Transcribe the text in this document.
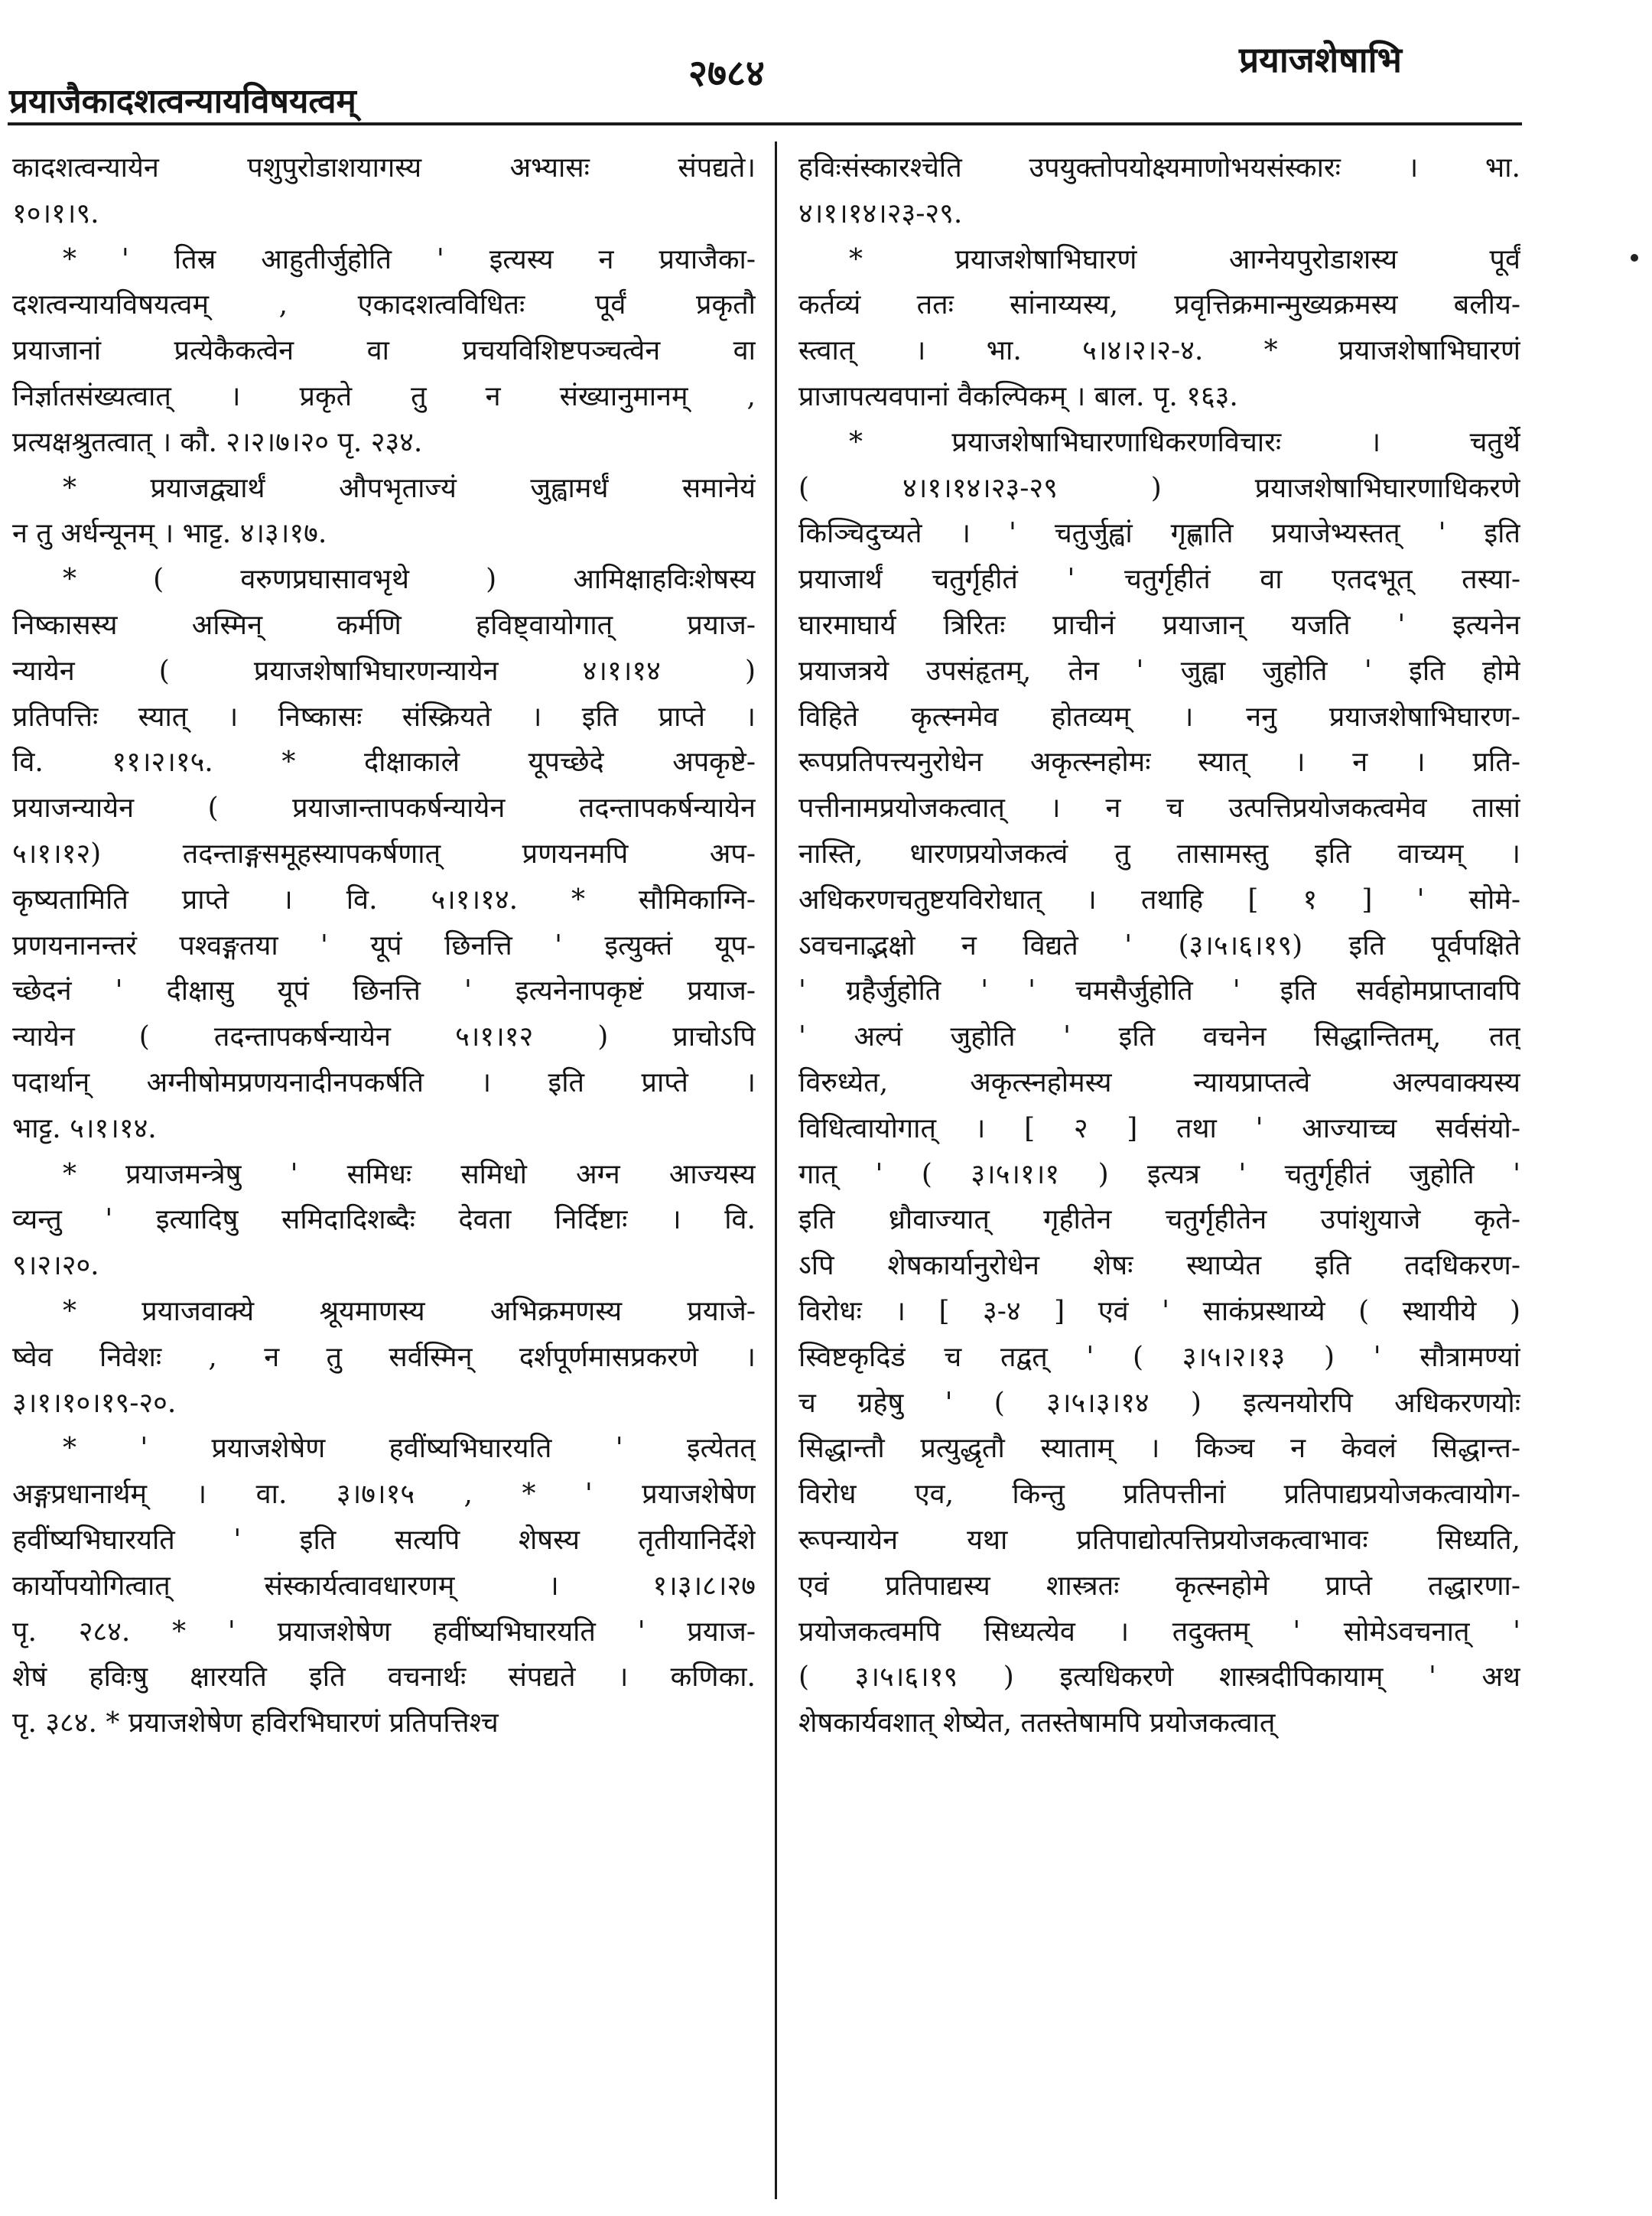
प्रयाजैकादशत्वन्यायविषयत्वम्
२७८४	प्रयाजशेषाभि
कादशत्वन्यायेन पशुपुरोडाशयागस्य अभ्यासः संपद्यते।
१०।१।९.
* ' तिस्र आहुतीर्जुहोति ' इत्यस्य न प्रयाजैका-
दशत्वन्यायविषयत्वम् , एकादशत्वविधितः पूर्वं प्रकृतौ
प्रयाजानां प्रत्येकैकत्वेन वा प्रचयविशिष्टपञ्चत्वेन वा
निर्ज्ञातसंख्यत्वात् । प्रकृते तु न संख्यानुमानम् ,
प्रत्यक्षश्रुतत्वात् । कौ. २।२।७।२० पृ. २३४.
* प्रयाजद्व्यार्थं औपभृताज्यं जुह्वामर्धं समानेयं
न तु अर्धन्यूनम् । भाट्ट. ४।३।१७.
* ( वरुणप्रघासावभृथे ) आमिक्षाहविःशेषस्य
निष्कासस्य अस्मिन् कर्मणि हविष्ट्वायोगात् प्रयाज-
न्यायेन ( प्रयाजशेषाभिघारणन्यायेन ४।१।१४ )
प्रतिपत्तिः स्यात् । निष्कासः संस्क्रियते । इति प्राप्ते ।
वि. ११।२।१५. * दीक्षाकाले यूपच्छेदे अपकृष्टे-
प्रयाजन्यायेन ( प्रयाजान्तापकर्षन्यायेन तदन्तापकर्षन्यायेन
५।१।१२) तदन्ताङ्गसमूहस्यापकर्षणात् प्रणयनमपि अप-
कृष्यतामिति प्राप्ते । वि. ५।१।१४. * सौमिकाग्नि-
प्रणयनानन्तरं पश्वङ्गतया ' यूपं छिनत्ति ' इत्युक्तं यूप-
च्छेदनं ' दीक्षासु यूपं छिनत्ति ' इत्यनेनापकृष्टं प्रयाज-
न्यायेन ( तदन्तापकर्षन्यायेन ५।१।१२ ) प्राचोऽपि
पदार्थान् अग्नीषोमप्रणयनादीनपकर्षति । इति प्राप्ते ।
भाट्ट. ५।१।१४.
* प्रयाजमन्त्रेषु ' समिधः समिधो अग्न आज्यस्य
व्यन्तु ' इत्यादिषु समिदादिशब्दैः देवता निर्दिष्टाः । वि.
९।२।२०.
* प्रयाजवाक्ये श्रूयमाणस्य अभिक्रमणस्य प्रयाजे-
ष्वेव निवेशः , न तु सर्वस्मिन् दर्शपूर्णमासप्रकरणे ।
३।१।१०।१९-२०.
* ' प्रयाजशेषेण हवींष्यभिघारयति ' इत्येतत्
अङ्गप्रधानार्थम् । वा. ३।७।१५ , * ' प्रयाजशेषेण
हवींष्यभिघारयति ' इति सत्यपि शेषस्य तृतीयानिर्देशे
कार्योपयोगित्वात् संस्कार्यत्वावधारणम् । १।३।८।२७
पृ. २८४. * ' प्रयाजशेषेण हवींष्यभिघारयति ' प्रयाज-
शेषं हविःषु क्षारयति इति वचनार्थः संपद्यते । कणिका.
पृ. ३८४. * प्रयाजशेषेण हविरभिघारणं प्रतिपत्तिश्च
हविःसंस्कारश्चेति उपयुक्तोपयोक्ष्यमाणोभयसंस्कारः । भा.
४।१।१४।२३-२९.
* प्रयाजशेषाभिघारणं आग्नेयपुरोडाशस्य पूर्वं
कर्तव्यं ततः सांनाय्यस्य, प्रवृत्तिक्रमान्मुख्यक्रमस्य बलीय-
स्त्वात् । भा. ५।४।२।२-४. * प्रयाजशेषाभिघारणं
प्राजापत्यवपानां वैकल्पिकम् । बाल. पृ. १६३.
* प्रयाजशेषाभिघारणाधिकरणविचारः । चतुर्थे
( ४।१।१४।२३-२९ ) प्रयाजशेषाभिघारणाधिकरणे
किञ्चिदुच्यते । ' चतुर्जुह्वां गृह्णाति प्रयाजेभ्यस्तत् ' इति
प्रयाजार्थं चतुर्गृहीतं ' चतुर्गृहीतं वा एतदभूत् तस्या-
घारमाघार्य त्रिरितः प्राचीनं प्रयाजान् यजति ' इत्यनेन
प्रयाजत्रये उपसंहृतम्, तेन ' जुह्वा जुहोति ' इति होमे
विहिते कृत्स्नमेव होतव्यम् । ननु प्रयाजशेषाभिघारण-
रूपप्रतिपत्त्यनुरोधेन अकृत्स्नहोमः स्यात् । न । प्रति-
पत्तीनामप्रयोजकत्वात् । न च उत्पत्तिप्रयोजकत्वमेव तासां
नास्ति, धारणप्रयोजकत्वं तु तासामस्तु इति वाच्यम् ।
अधिकरणचतुष्टयविरोधात् । तथाहि [ १ ] ' सोमे-
ऽवचनाद्भक्षो न विद्यते ' (३।५।६।१९) इति पूर्वपक्षिते
' ग्रहैर्जुहोति ' ' चमसैर्जुहोति ' इति सर्वहोमप्राप्तावपि
' अल्पं जुहोति ' इति वचनेन सिद्धान्तितम्, तत्
विरुध्येत, अकृत्स्नहोमस्य न्यायप्राप्तत्वे अल्पवाक्यस्य
विधित्वायोगात् । [ २ ] तथा ' आज्याच्च सर्वसंयो-
गात् ' ( ३।५।१।१ ) इत्यत्र ' चतुर्गृहीतं जुहोति '
इति ध्रौवाज्यात् गृहीतेन चतुर्गृहीतेन उपांशुयाजे कृते-
ऽपि शेषकार्यानुरोधेन शेषः स्थाप्येत इति तदधिकरण-
विरोधः । [ ३-४ ] एवं ' साकंप्रस्थाय्ये ( स्थायीये )
स्विष्टकृदिडं च तद्वत् ' ( ३।५।२।१३ ) ' सौत्रामण्यां
च ग्रहेषु ' ( ३।५।३।१४ ) इत्यनयोरपि अधिकरणयोः
सिद्धान्तौ प्रत्युद्धृतौ स्याताम् । किञ्च न केवलं सिद्धान्त-
विरोध एव, किन्तु प्रतिपत्तीनां प्रतिपाद्यप्रयोजकत्वायोग-
रूपन्यायेन यथा प्रतिपाद्योत्पत्तिप्रयोजकत्वाभावः सिध्यति,
एवं प्रतिपाद्यस्य शास्त्रतः कृत्स्नहोमे प्राप्ते तद्धारणा-
प्रयोजकत्वमपि सिध्यत्येव । तदुक्तम् ' सोमेऽवचनात् '
( ३।५।६।१९ ) इत्यधिकरणे शास्त्रदीपिकायाम् ' अथ
शेषकार्यवशात् शेष्येत, ततस्तेषामपि प्रयोजकत्वात्
